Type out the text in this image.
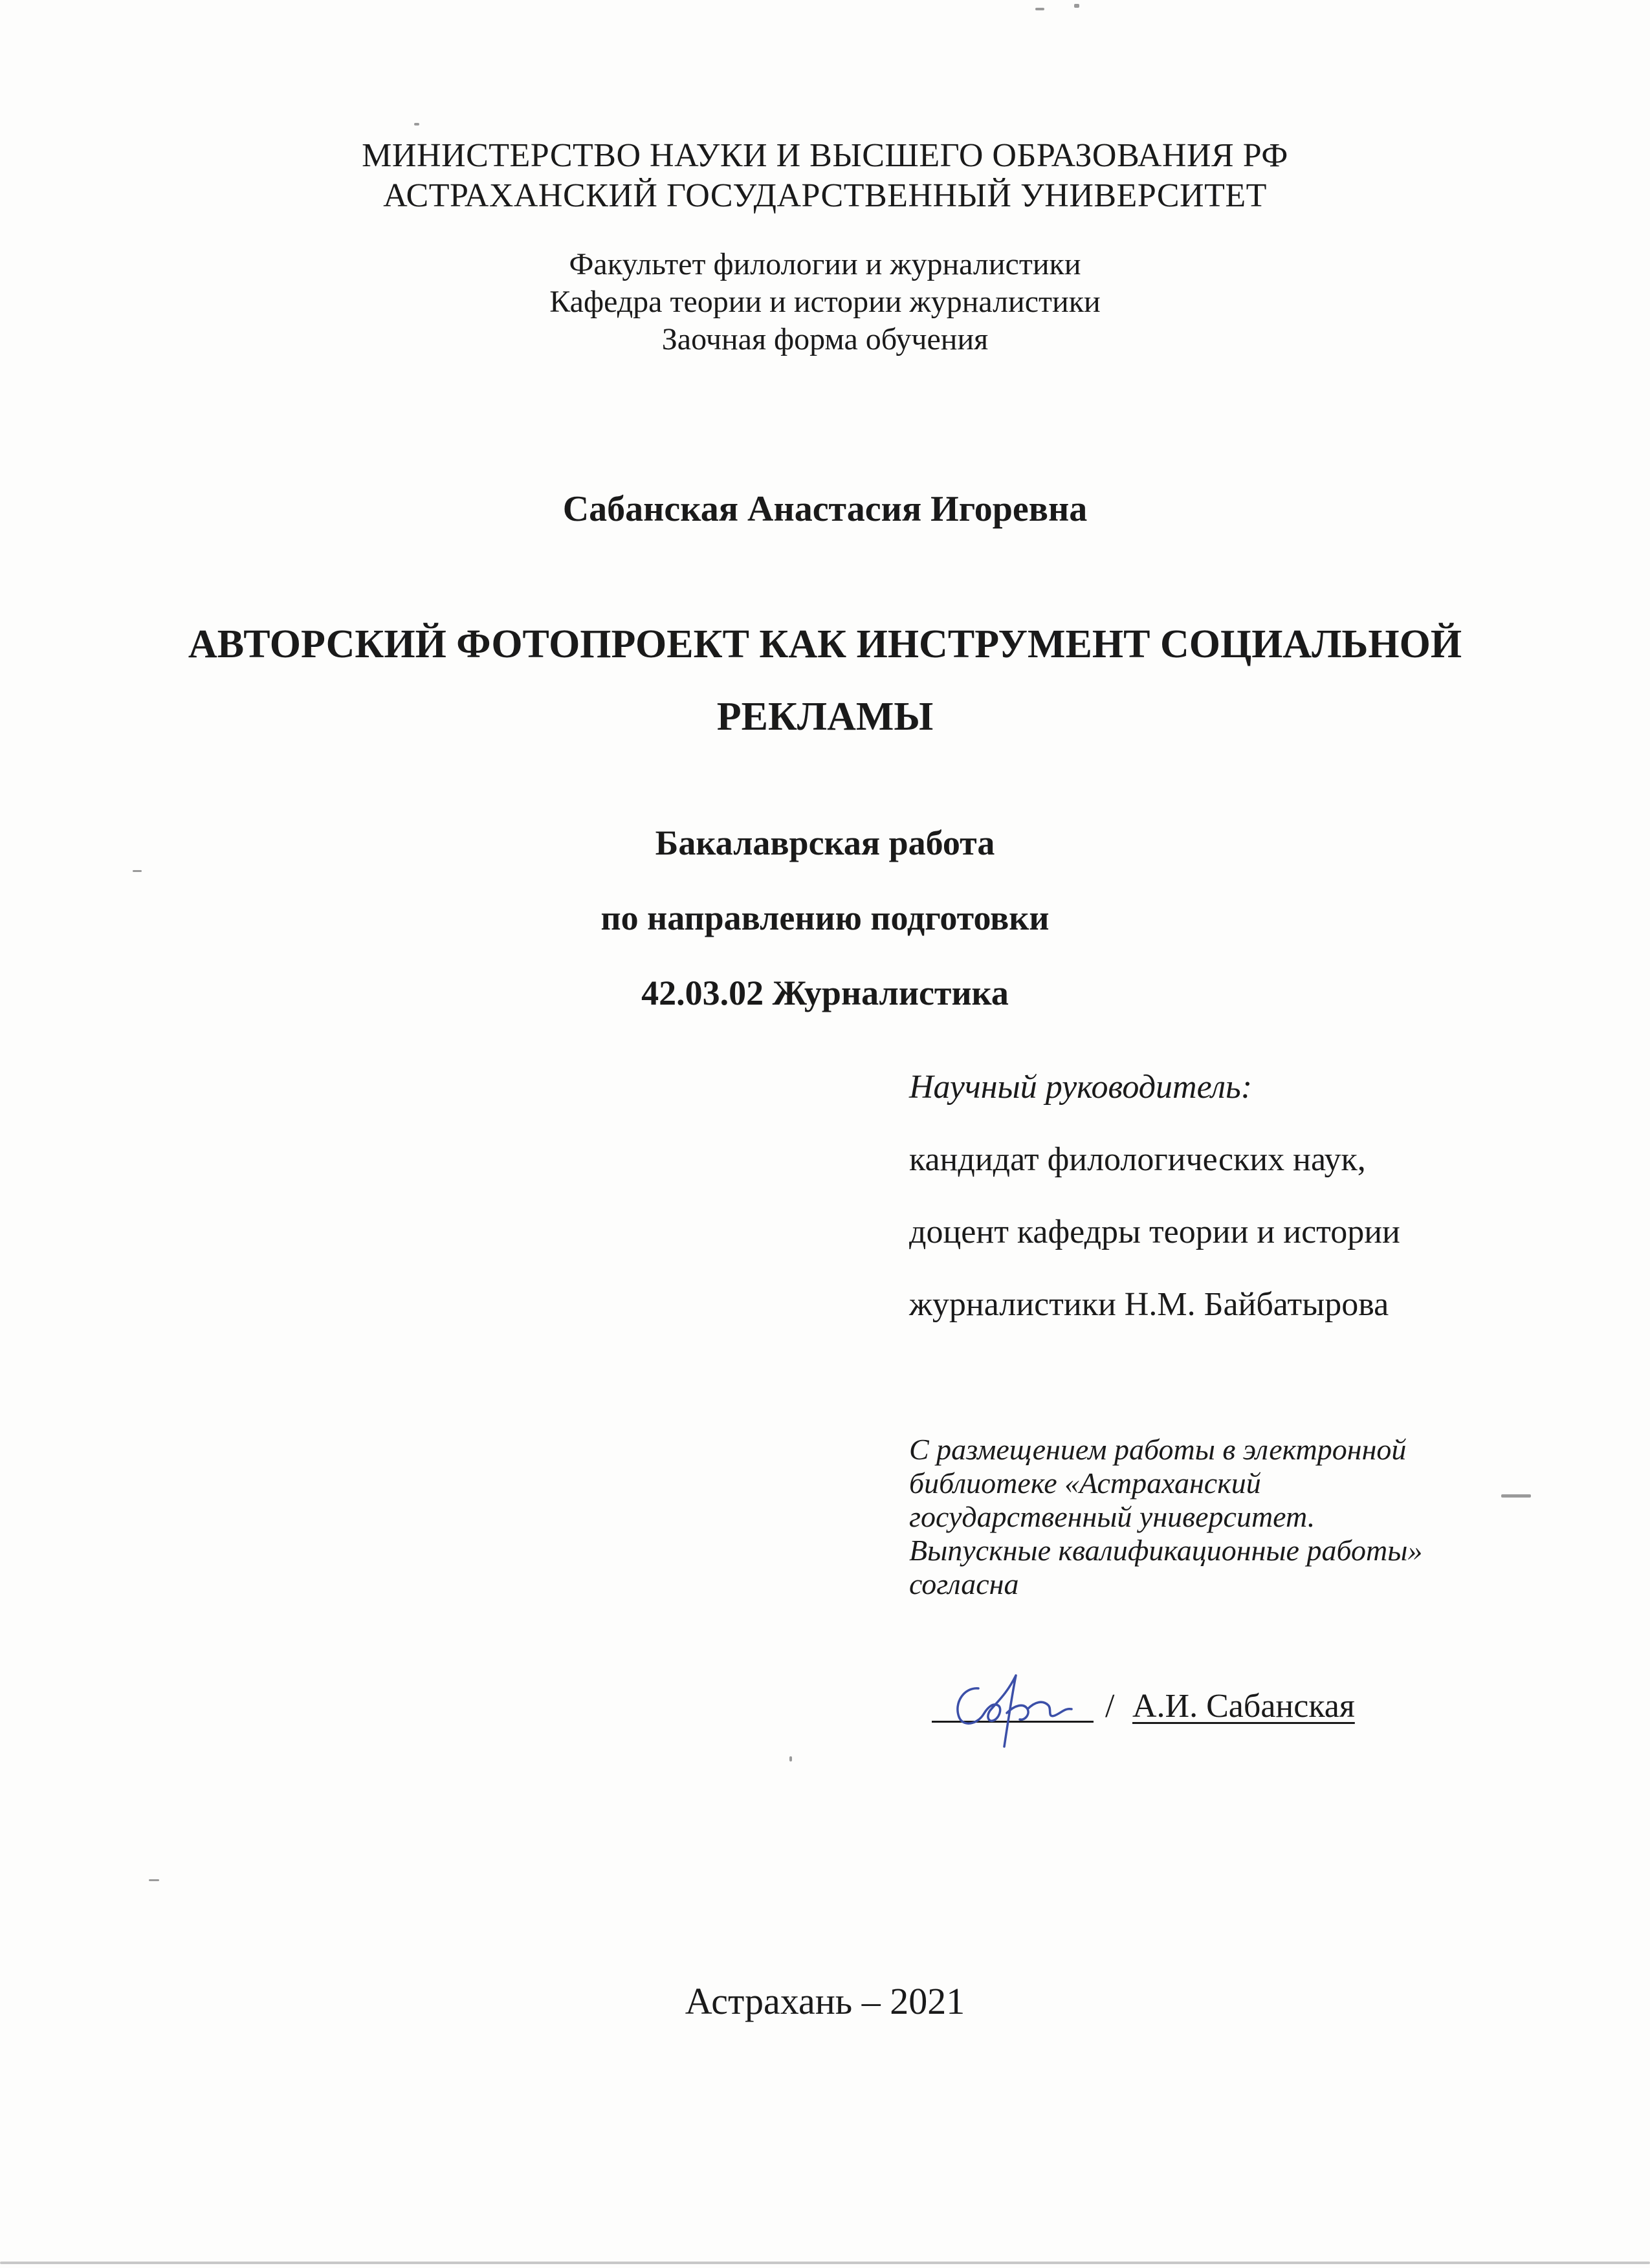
МИНИСТЕРСТВО НАУКИ И ВЫСШЕГО ОБРАЗОВАНИЯ РФ
АСТРАХАНСКИЙ ГОСУДАРСТВЕННЫЙ УНИВЕРСИТЕТ
Факультет филологии и журналистики
Кафедра теории и истории журналистики
Заочная форма обучения
Сабанская Анастасия Игоревна
АВТОРСКИЙ ФОТОПРОЕКТ КАК ИНСТРУМЕНТ СОЦИАЛЬНОЙ
РЕКЛАМЫ
Бакалаврская работа
по направлению подготовки
42.03.02 Журналистика
Научный руководитель:
кандидат филологических наук,
доцент кафедры теории и истории
журналистики Н.М. Байбатырова
С размещением работы в электронной
библиотеке «Астраханский
государственный университет.
Выпускные квалификационные работы»
согласна
/ А.И. Сабанская
Астрахань – 2021
